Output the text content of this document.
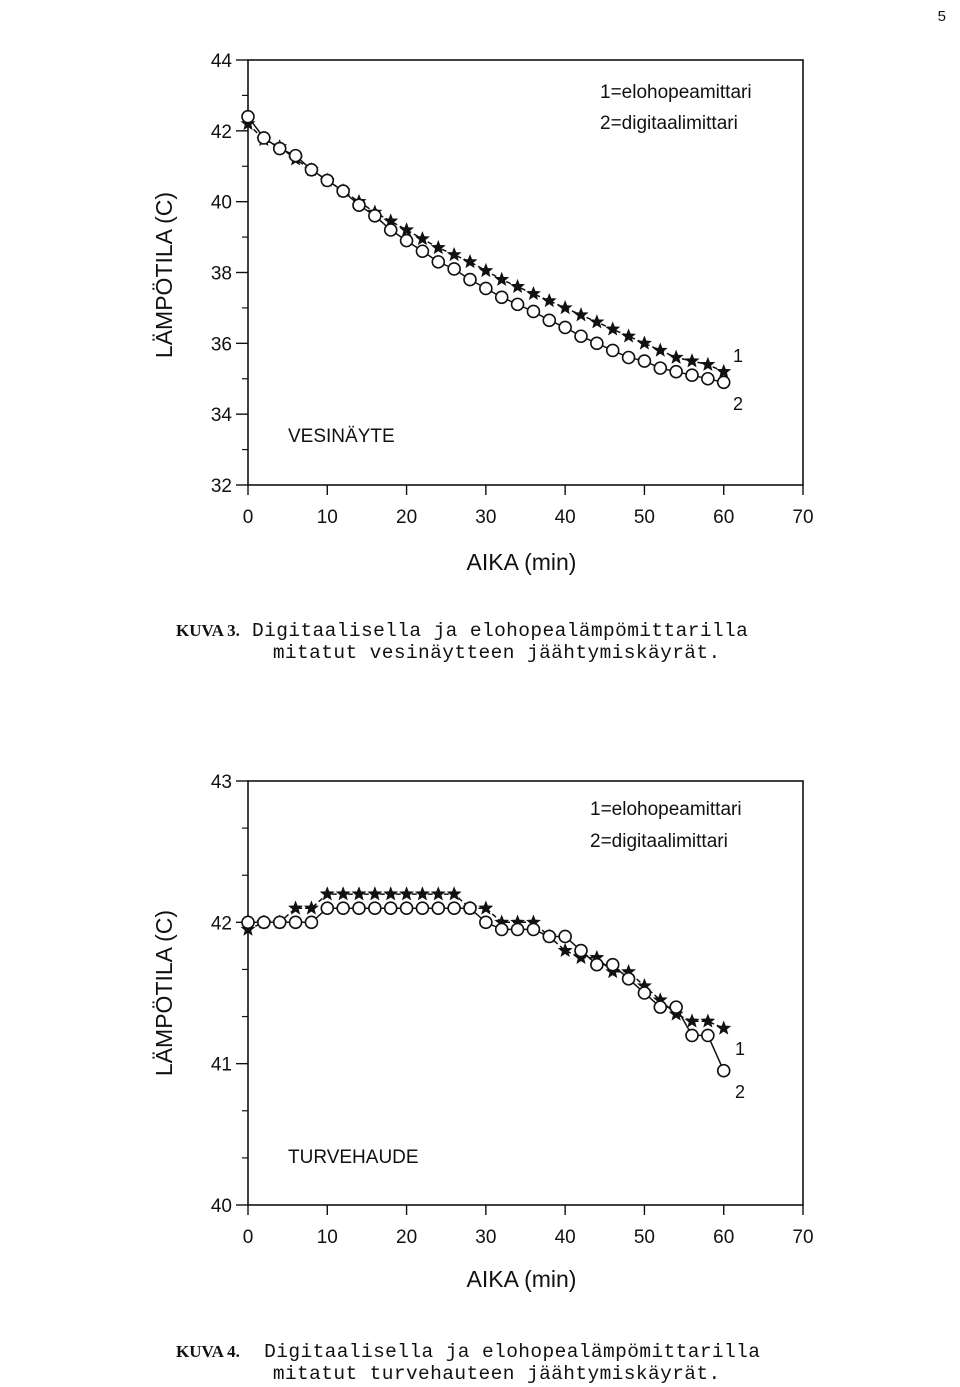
5
32
34
36
38
40
42
44
0	10	20	30	40	50	60	70
LÄMPÖTILA (C)
AIKA (min)
1=elohopeamittari
2=digitaalimittari
VESINÄYTE
1
2
KUVA 3. Digitaalisella ja elohopealämpömittarilla
mitatut vesinäytteen jäähtymiskäyrät.
40
41
42
43
0	10	20	30	40	50	60	70
LÄMPÖTILA (C)
AIKA (min)
1=elohopeamittari
2=digitaalimittari
TURVEHAUDE
1
2
KUVA 4. Digitaalisella ja elohopealämpömittarilla
mitatut turvehauteen jäähtymiskäyrät.
